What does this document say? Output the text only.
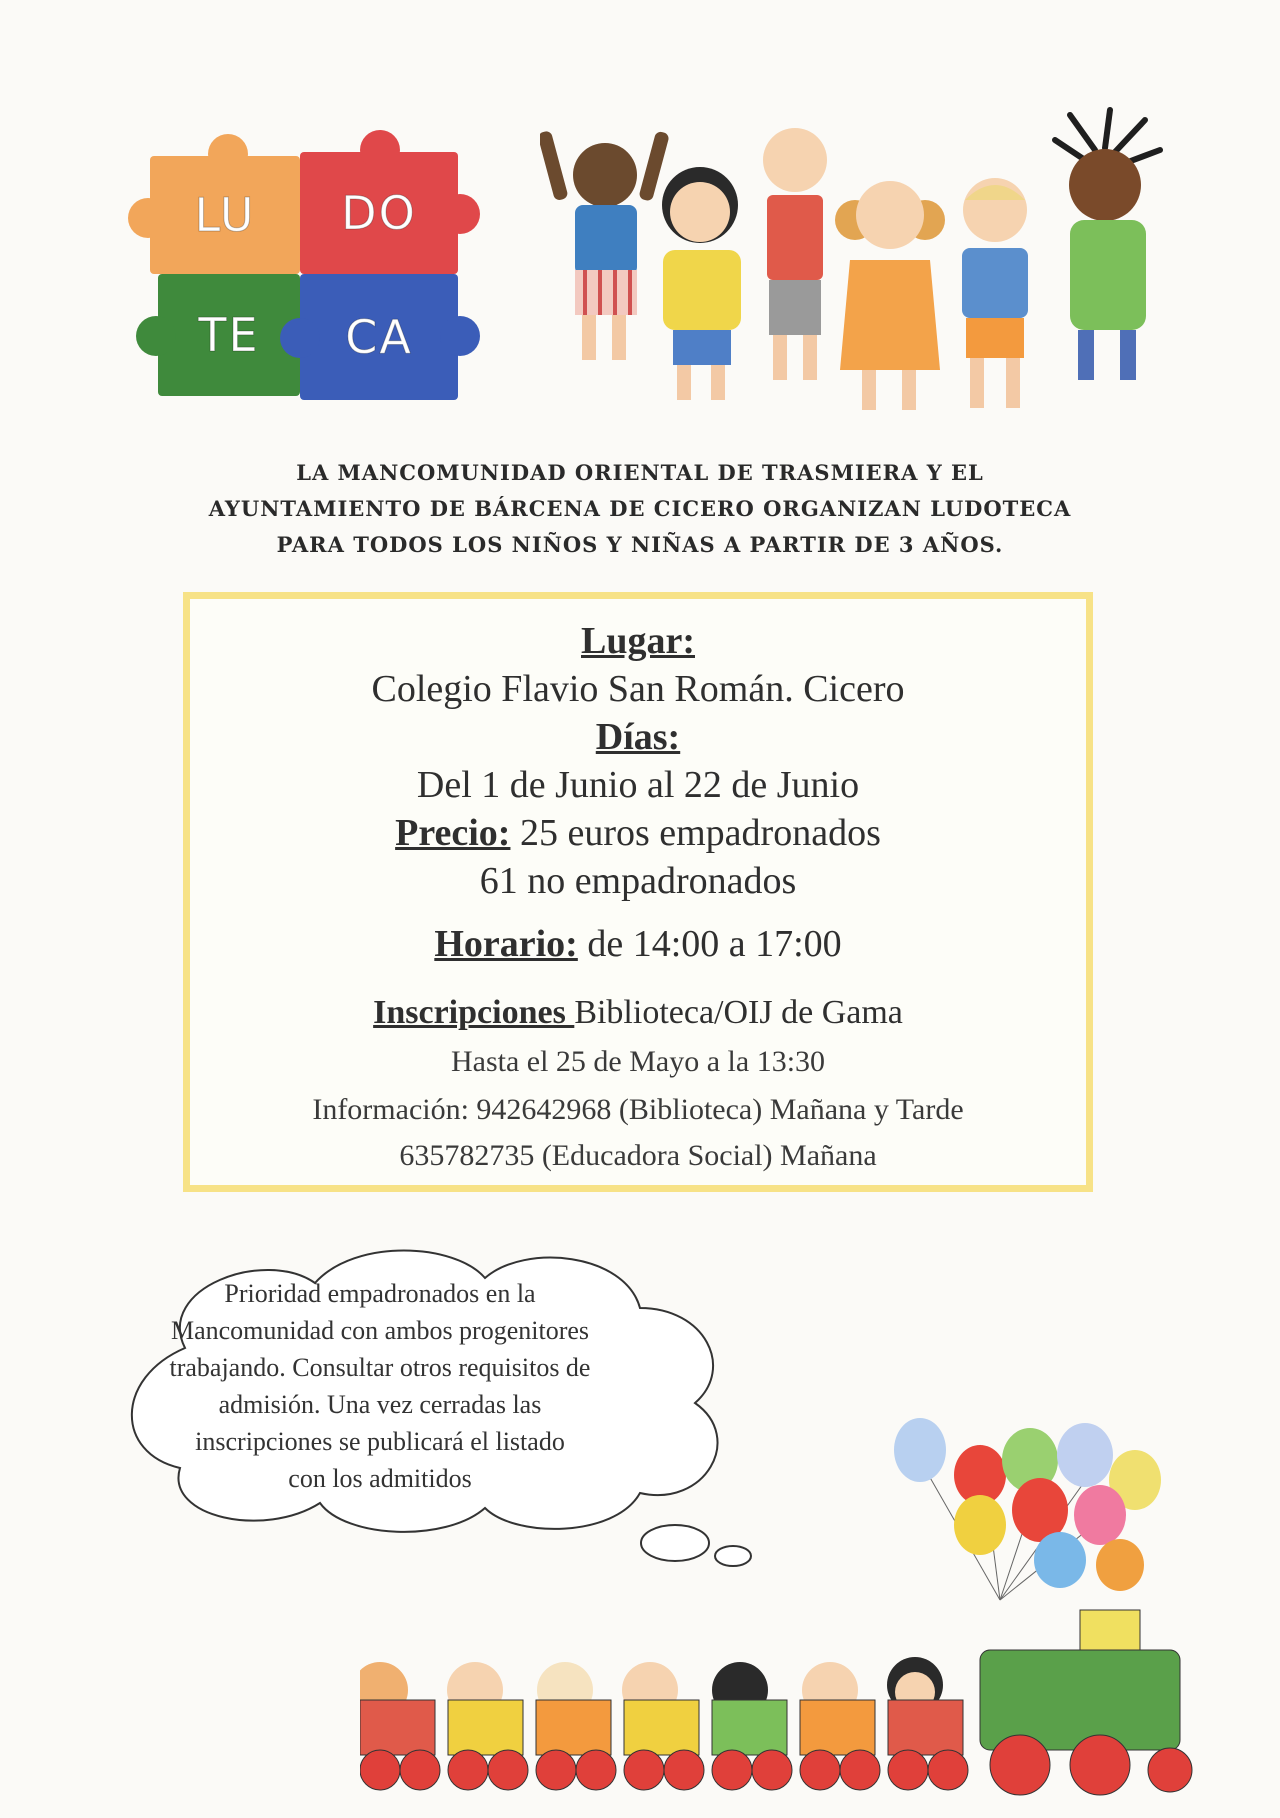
LU DO
TE CA
LA MANCOMUNIDAD ORIENTAL DE TRASMIERA Y EL
AYUNTAMIENTO DE BÁRCENA DE CICERO ORGANIZAN LUDOTECA
PARA TODOS LOS NIÑOS Y NIÑAS A PARTIR DE 3 AÑOS.
Lugar:
Colegio Flavio San Román. Cicero
Días:
Del 1 de Junio al 22 de Junio
Precio: 25 euros empadronados
61 no empadronados
Horario: de 14:00 a 17:00
Inscripciones Biblioteca/OIJ de Gama
Hasta el 25 de Mayo a la 13:30
Información: 942642968 (Biblioteca) Mañana y Tarde
635782735 (Educadora Social) Mañana
Prioridad empadronados en la
Mancomunidad con ambos progenitores
trabajando. Consultar otros requisitos de
admisión. Una vez cerradas las
inscripciones se publicará el listado
con los admitidos
